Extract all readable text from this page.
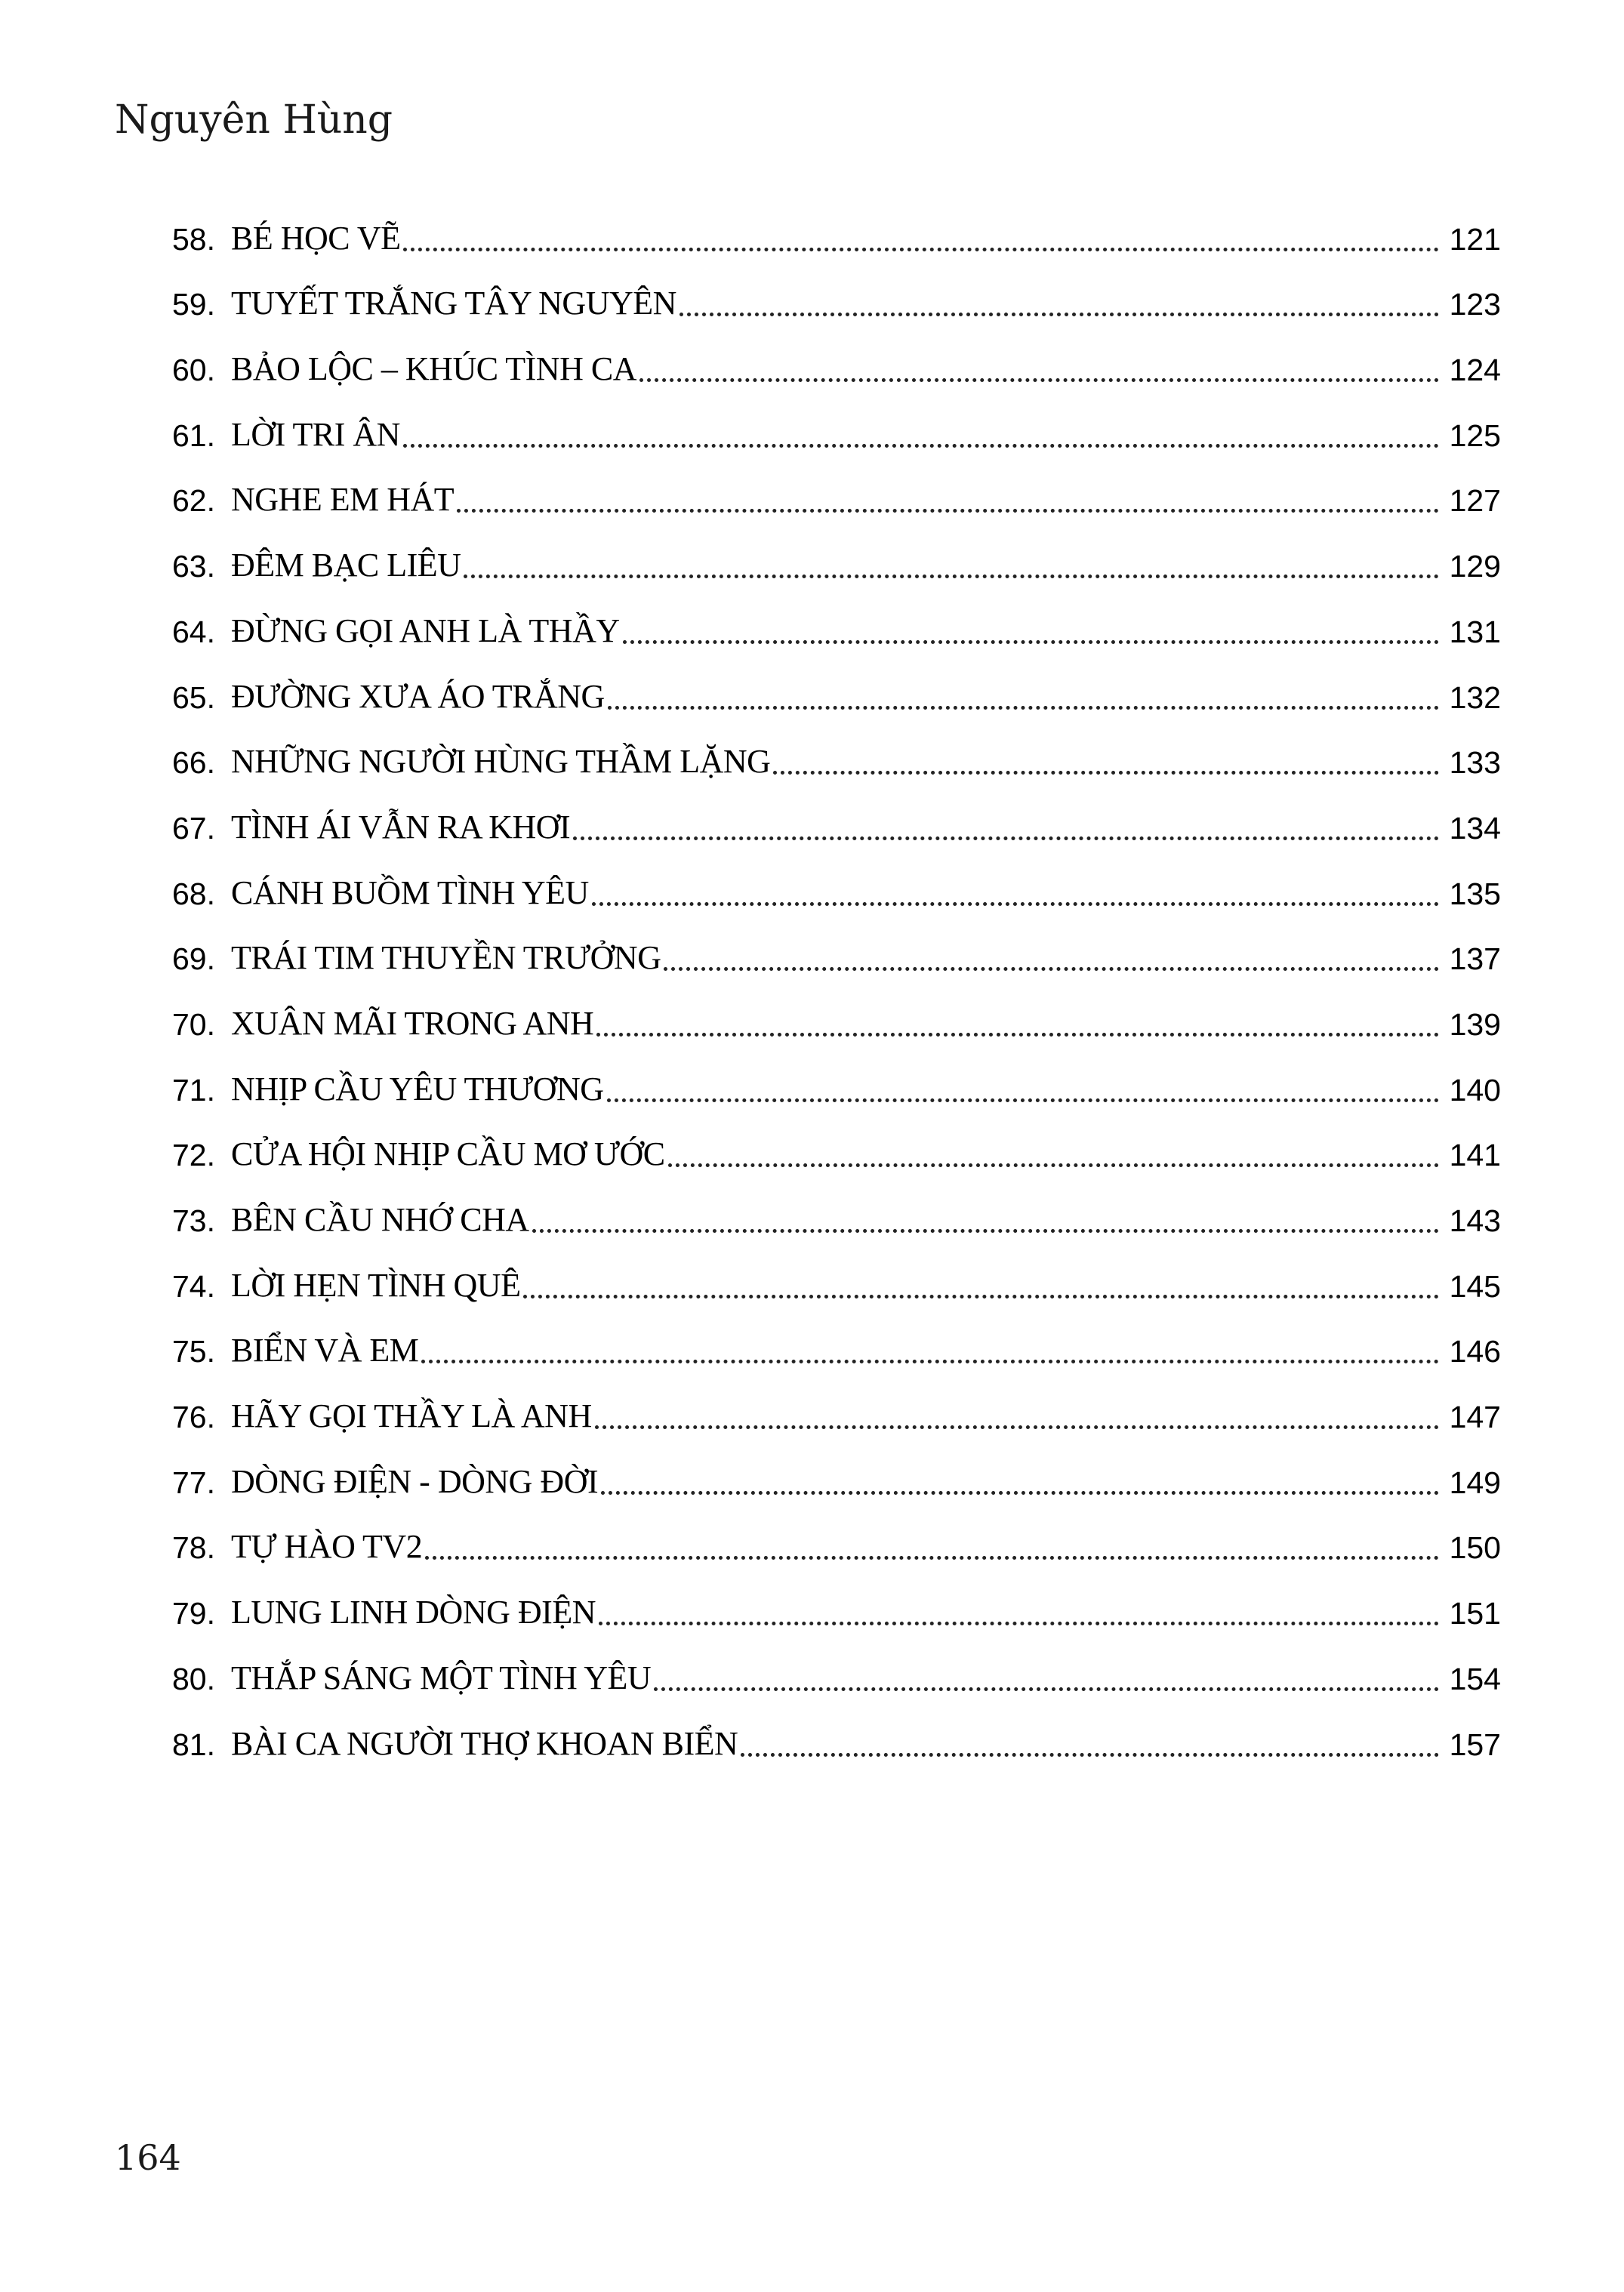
Nguyên Hùng
58. BÉ HỌC VẼ	121
59. TUYẾT TRẮNG TÂY NGUYÊN	123
60. BẢO LỘC – KHÚC TÌNH CA	124
61. LỜI TRI ÂN	125
62. NGHE EM HÁT	127
63. ĐÊM BẠC LIÊU	129
64. ĐỪNG GỌI ANH LÀ THẦY	131
65. ĐƯỜNG XƯA ÁO TRẮNG	132
66. NHỮNG NGƯỜI HÙNG THẦM LẶNG	133
67. TÌNH ÁI VẪN RA KHƠI	134
68. CÁNH BUỒM TÌNH YÊU	135
69. TRÁI TIM THUYỀN TRƯỞNG	137
70. XUÂN MÃI TRONG ANH	139
71. NHỊP CẦU YÊU THƯƠNG	140
72. CỬA HỘI NHỊP CẦU MƠ ƯỚC	141
73. BÊN CẦU NHỚ CHA	143
74. LỜI HẸN TÌNH QUÊ	145
75. BIỂN VÀ EM	146
76. HÃY GỌI THẦY LÀ ANH	147
77. DÒNG ĐIỆN - DÒNG ĐỜI	149
78. TỰ HÀO TV2	150
79. LUNG LINH DÒNG ĐIỆN	151
80. THẮP SÁNG MỘT TÌNH YÊU	154
81. BÀI CA NGƯỜI THỢ KHOAN BIỂN	157
164
